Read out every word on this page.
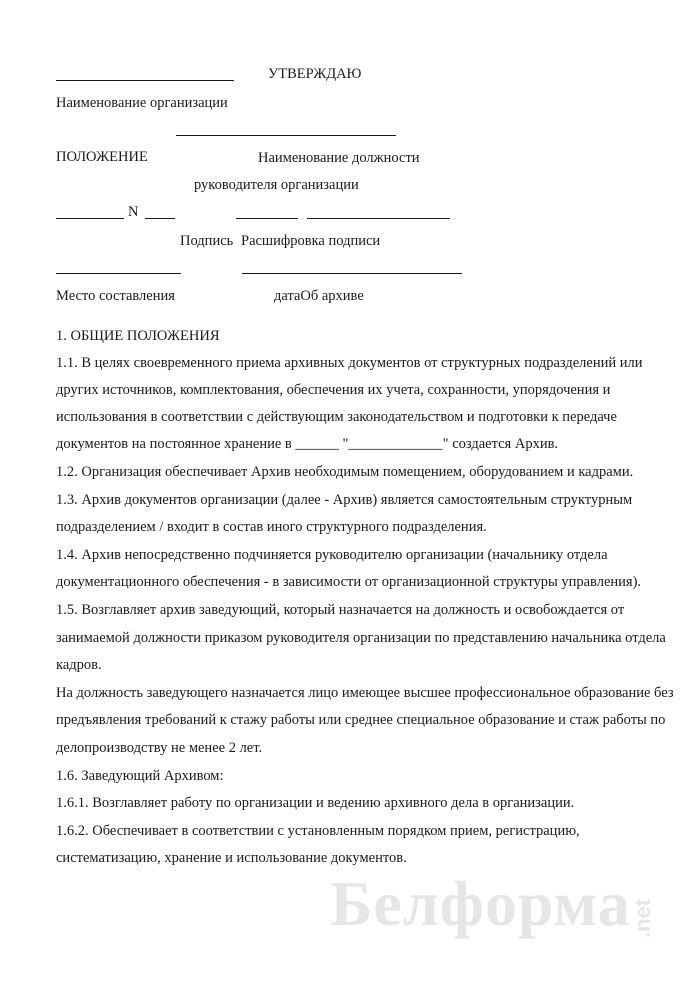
УТВЕРЖДАЮ
Наименование организации
ПОЛОЖЕНИЕ	Наименование должности
руководителя организации
N
Подпись Расшифровка подписи
Место составления	датаОб архиве
1. ОБЩИЕ ПОЛОЖЕНИЯ
1.1. В целях своевременного приема архивных документов от структурных подразделений или
других источников, комплектования, обеспечения их учета, сохранности, упорядочения и
использования в соответствии с действующим законодательством и подготовки к передаче
документов на постоянное хранение в ______ "_____________" создается Архив.
1.2. Организация обеспечивает Архив необходимым помещением, оборудованием и кадрами.
1.3. Архив документов организации (далее - Архив) является самостоятельным структурным
подразделением / входит в состав иного структурного подразделения.
1.4. Архив непосредственно подчиняется руководителю организации (начальнику отдела
документационного обеспечения - в зависимости от организационной структуры управления).
1.5. Возглавляет архив заведующий, который назначается на должность и освобождается от
занимаемой должности приказом руководителя организации по представлению начальника отдела
кадров.
На должность заведующего назначается лицо имеющее высшее профессиональное образование без
предъявления требований к стажу работы или среднее специальное образование и стаж работы по
делопроизводству не менее 2 лет.
1.6. Заведующий Архивом:
1.6.1. Возглавляет работу по организации и ведению архивного дела в организации.
1.6.2. Обеспечивает в соответствии с установленным порядком прием, регистрацию,
систематизацию, хранение и использование документов.
Белформа .net
